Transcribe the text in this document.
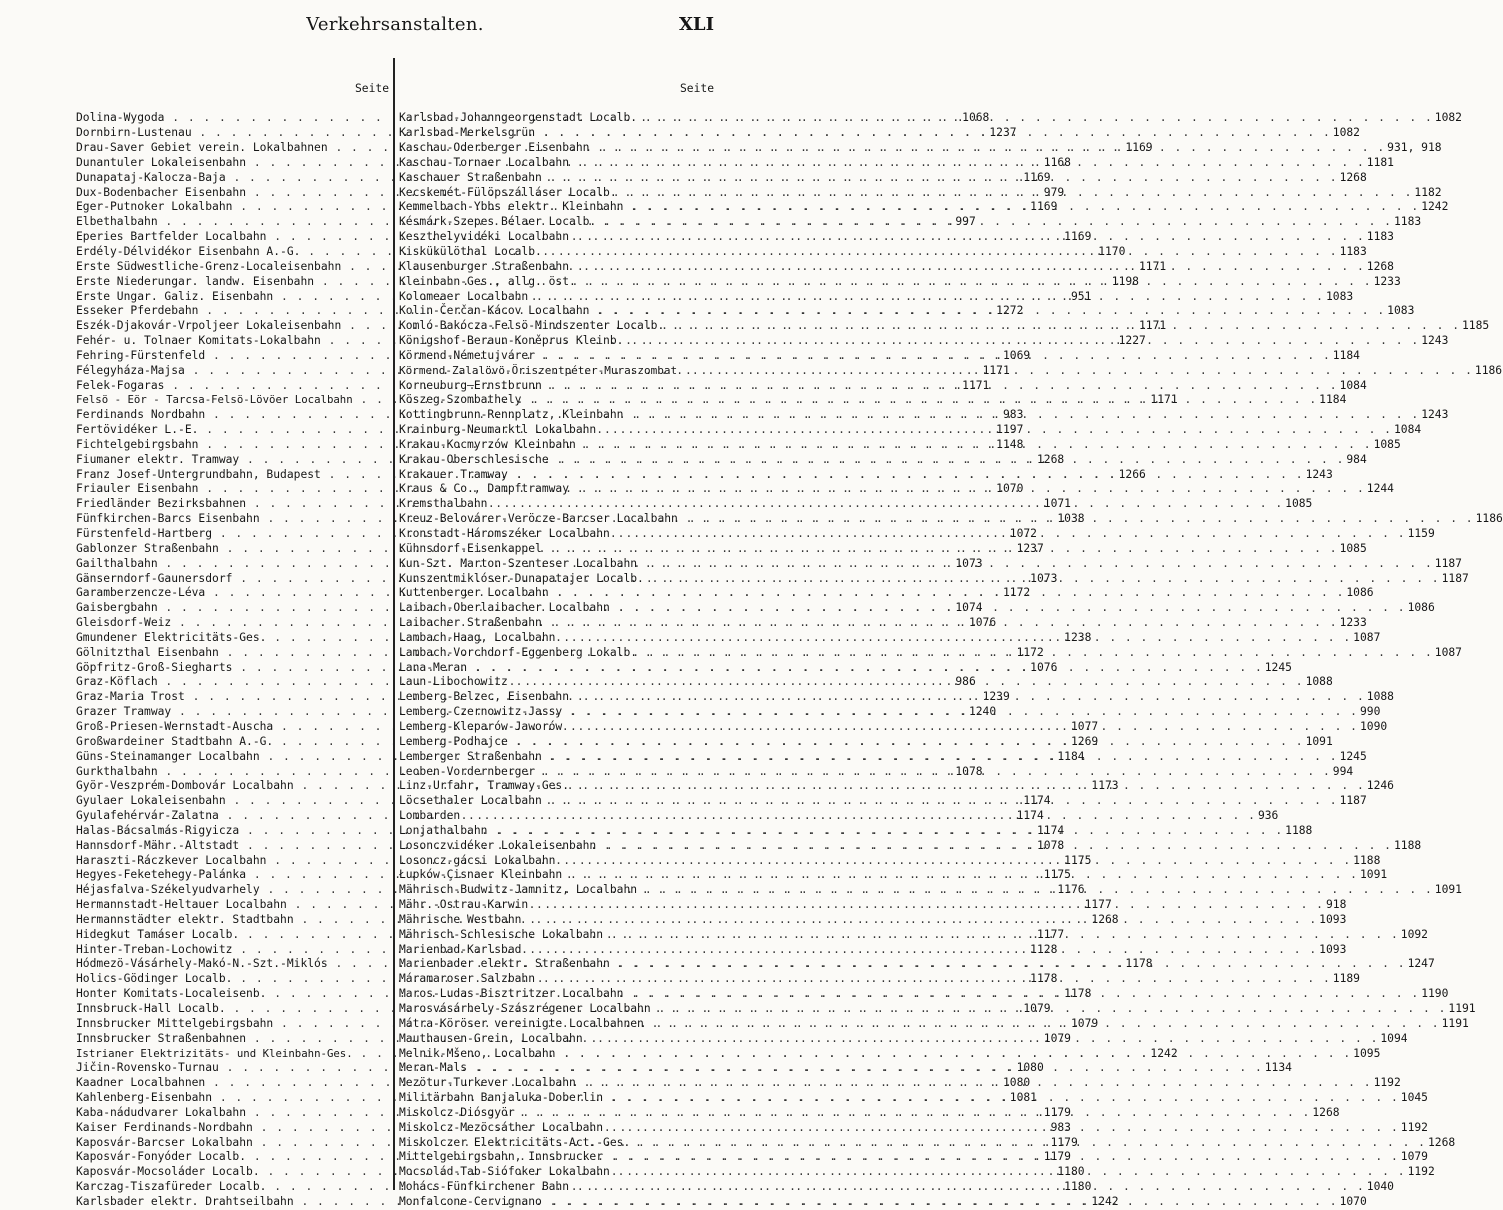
Verkehrsanstalten.	XLI

Seite

Dolina-Wygoda . . .	1068
Dornbirn-Lustenau . . .	1237
Drau-Saver Gebiet verein. Lokalbahnen . . .	1169
Dunantuler Lokaleisenbahn . . .	1168
Dunapataj-Kalocza-Baja . . .	1169
Dux-Bodenbacher Eisenbahn . . .	979
Eger-Putnoker Lokalbahn . . .	1169
Elbethalbahn . . .	997
Eperies Bartfelder Localbahn . . .	1169
Erdély-Délvidékor Eisenbahn A.-G. . . .	1170
Erste Südwestliche-Grenz-Localeisenbahn . . .	1171
Erste Niederungar. landw. Eisenbahn . . .	1198
Erste Ungar. Galiz. Eisenbahn . . .	951
Esseker Pferdebahn . . .	1272
Eszék-Djakovár-Vrpoljeer Lokaleisenbahn . . .	1171
Fehér- u. Tolnaer Komitats-Lokalbahn . . .	1227
Fehring-Fürstenfeld . . .	1069
Félegyháza-Majsa . . .	1171
Felek-Fogaras . . .	1171
Felsö - Eör - Tarcsa-Felsö-Lövöer Localbahn . . .	1171
Ferdinands Nordbahn . . .	983
Fertövidéker L.-E. . . .	1197
Fichtelgebirgsbahn . . .	1148
Fiumaner elektr. Tramway . . .	1268
Franz Josef-Untergrundbahn, Budapest . . .	1266
Friauler Eisenbahn . . .	1070
Friedländer Bezirksbahnen . . .	1071
Fünfkirchen-Barcs Eisenbahn . . .	1038
Fürstenfeld-Hartberg . . .	1072
Gablonzer Straßenbahn . . .	1237
Gailthalbahn . . .	1073
Gänserndorf-Gaunersdorf . . .	1073
Garamberzencze-Léva . . .	1172
Gaisbergbahn . . .	1074
Gleisdorf-Weiz . . .	1076
Gmundener Elektricitäts-Ges. . . .	1238
Gölnitzthal Eisenbahn . . .	1172
Göpfritz-Groß-Siegharts . . .	1076
Graz-Köflach . . .	986
Graz-Maria Trost . . .	1239
Grazer Tramway . . .	1240
Groß-Priesen-Wernstadt-Auscha . . .	1077
Großwardeiner Stadtbahn A.-G. . . .	1269
Güns-Steinamanger Localbahn . . .	1184
Gurkthalbahn . . .	1078
Györ-Veszprém-Dombovár Localbahn . . .	1173
Gyulaer Lokaleisenbahn . . .	1174
Gyulafehérvár-Zalatna . . .	1174
Halas-Bácsalmás-Rigyicza . . .	1174
Hannsdorf-Mähr.-Altstadt . . .	1078
Haraszti-Ráczkever Localbahn . . .	1175
Hegyes-Feketehegy-Palánka . . .	1175
Héjasfalva-Székelyudvarhely . . .	1176
Hermannstadt-Heltauer Localbahn . . .	1177
Hermannstädter elektr. Stadtbahn . . .	1268
Hidegkut Tamáser Localb. . . .	1177
Hinter-Treban-Lochowitz . . .	1128
Hódmezö-Vásárhely-Makó-N.-Szt.-Miklós . . .	1178
Holics-Gödinger Localb. . . .	1178
Honter Komitats-Localeisenb. . . .	1178
Innsbruck-Hall Localb. . . .	1079
Innsbrucker Mittelgebirgsbahn . . .	1079
Innsbrucker Straßenbahnen . . .	1079
Istrianer Elektrizitäts- und Kleinbahn-Ges. . . .	1242
Jičin-Rovensko-Turnau . . .	1080
Kaadner Localbahnen . . .	1080
Kahlenberg-Eisenbahn . . .	1081
Kaba-nádudvarer Lokalbahn . . .	1179
Kaiser Ferdinands-Nordbahn . . .	983
Kaposvár-Barcser Lokalbahn . . .	1179
Kaposvár-Fonyóder Localb. . . .	1179
Kaposvár-Mocsoláder Localb. . . .	1180
Karczag-Tiszafüreder Localb. . . .	1180
Karlsbader elektr. Drahtseilbahn . . .	1242

Seite

Karlsbad-Johanngeorgenstadt Localb. . . .	1082
Karlsbad-Merkelsgrün . . .	1082
Kaschau-Oderberger Eisenbahn . . .	931, 918
Kaschau-Tornaer Localbahn . . .	1181
Kaschauer Straßenbahn . . .	1268
Kecskemét-Fülöpszálláser Localb. . . .	1182
Kemmelbach-Ybbs elektr. Kleinbahn . . .	1242
Késmárk-Szepes Bélaer Localb. . . .	1183
Keszthelyvidéki Localbahn . . .	1183
Kiskükülöthal Localb. . . .	1183
Klausenburger Straßenbahn . . .	1268
Kleinbahn-Ges., allg. öst. . . .	1233
Kolomeaer Localbahn . . .	1083
Kolin-Čerčan-Kácov Localbahn . . .	1083
Komló-Bakócza-Felsö-Mindszenter Localb. . . .	1185
Königshof-Beraun-Koněprus Kleinb. . . .	1243
Körmend-Németujvárer . . .	1184
Körmend-Zalalövö-Öriszentpéter-Muraszombat . . .	1186
Korneuburg—Ernstbrunn . . .	1084
Köszeg-Szombathely . . .	1184
Kottingbrunn-Rennplatz, Kleinbahn . . .	1243
Krainburg-Neumarktl Lokalbahn . . .	1084
Krakau-Kocmyrzów Kleinbahn . . .	1085
Krakau-Oberschlesische . . .	984
Krakauer Tramway . . .	1243
Kraus & Co., Dampftramway . . .	1244
Kremsthalbahn . . .	1085
Kreuz-Belovárer-Veröcze-Barcser Localbahn . . .	1186
Kronstadt-Háromszéker Localbahn . . .	1159
Kühnsdorf-Eisenkappel . . .	1085
Kun-Szt. Marton-Szenteser Localbahn . . .	1187
Kunszentmiklóser-Dunapatajer Localb. . . .	1187
Kuttenberger Localbahn . . .	1086
Laibach-Oberlaibacher Localbahn . . .	1086
Laibacher Straßenbahn . . .	1233
Lambach-Haag, Localbahn . . .	1087
Lambach-Vorchdorf-Eggenberg Lokalb. . . .	1087
Lana-Meran . . .	1245
Laun-Libochowitz . . .	1088
Lemberg-Belzec, Eisenbahn . . .	1088
Lemberg-Czernowitz-Jassy . . .	990
Lemberg-Kleparów-Jaworów . . .	1090
Lemberg-Podhajce . . .	1091
Lemberger Straßenbahn . . .	1245
Leoben-Vordernberger . . .	994
Linz-Urfahr, Tramway-Ges. . . .	1246
Löcsethaler Localbahn . . .	1187
Lombarden . . .	936
Lonjathalbahn . . .	1188
Losonczvidéker Lokaleisenbahn . . .	1188
Losoncz-gácsi Lokalbahn . . .	1188
Łupków-Çisnaer Kleinbahn . . .	1091
Mährisch-Budwitz-Jamnitz, Localbahn . . .	1091
Mähr.-Ostrau-Karwin . . .	918
Mährische Westbahn . . .	1093
Mährisch-Schlesische Lokalbahn . . .	1092
Marienbad-Karlsbad . . .	1093
Marienbader elektr. Straßenbahn . . .	1247
Máramaroser Salzbahn . . .	1189
Maros-Ludas-Bisztritzer Localbahn . . .	1190
Marosvásárhely-Szászrégener Localbahn . . .	1191
Mátra-Köröser vereinigte Localbahnen . . .	1191
Mauthausen-Grein, Localbahn . . .	1094
Melnik-Mšeno, Localbahn . . .	1095
Meran-Mals . . .	1134
Mezötur-Turkever Localbahn . . .	1192
Militärbahn Banjaluka-Doberlin . . .	1045
Miskolcz-Diósgyör . . .	1268
Miskolcz-Mezöcsáther Localbahn . . .	1192
Miskolczer Elektricitäts-Act.-Ges. . . .	1268
Mittelgebirgsbahn, Innsbrucker . . .	1079
Mocsolád-Tab-Siófoker Lokalbahn . . .	1192
Mohács-Fünfkirchener Bahn . . .	1040
Monfalcone-Cervignano . . .	1070
